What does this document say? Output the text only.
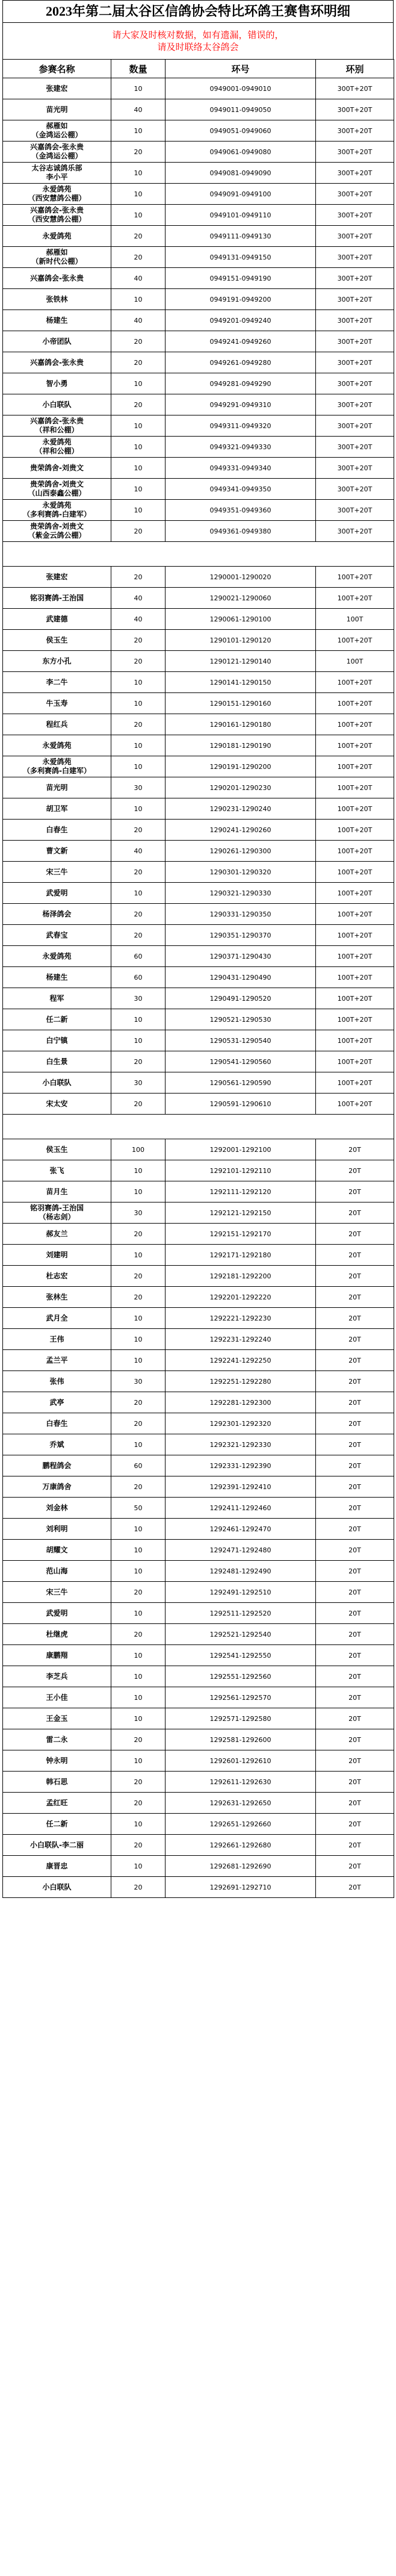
2023年第二届太谷区信鸽协会特比环鸽王赛售环明细
请大家及时核对数据，如有遗漏，错误的，
请及时联络太谷鸽会
参赛名称	数量	环号	环别
张建宏	10	0949001-0949010	300T+20T
苗光明	40	0949011-0949050	300T+20T
郝雁如
（金鸿运公棚）	10	0949051-0949060	300T+20T
兴嘉鸽会-张永贵
（金鸿运公棚）	20	0949061-0949080	300T+20T
太谷志诚鸽乐部
李小平	10	0949081-0949090	300T+20T
永爱鸽苑
（西安慧鸽公棚）	10	0949091-0949100	300T+20T
兴嘉鸽会-张永贵
（西安慧鸽公棚）	10	0949101-0949110	300T+20T
永爱鸽苑	20	0949111-0949130	300T+20T
郝雁如
（新时代公棚）	20	0949131-0949150	300T+20T
兴嘉鸽会-张永贵	40	0949151-0949190	300T+20T
张铁林	10	0949191-0949200	300T+20T
杨建生	40	0949201-0949240	300T+20T
小帝团队	20	0949241-0949260	300T+20T
兴嘉鸽会-张永贵	20	0949261-0949280	300T+20T
智小勇	10	0949281-0949290	300T+20T
小白联队	20	0949291-0949310	300T+20T
兴嘉鸽会-张永贵
（祥和公棚）	10	0949311-0949320	300T+20T
永爱鸽苑
（祥和公棚）	10	0949321-0949330	300T+20T
贵荣鸽舍-刘贵文	10	0949331-0949340	300T+20T
贵荣鸽舍-刘贵文
（山西泰鑫公棚）	10	0949341-0949350	300T+20T
永爱鸽苑
（多利赛鸽-白建军）	10	0949351-0949360	300T+20T
贵荣鸽舍-刘贵文
（紫金云鸽公棚）	20	0949361-0949380	300T+20T

张建宏	20	1290001-1290020	100T+20T
铭羽赛鸽-王治国	40	1290021-1290060	100T+20T
武建德	40	1290061-1290100	100T
侯玉生	20	1290101-1290120	100T+20T
东方小孔	20	1290121-1290140	100T
李二牛	10	1290141-1290150	100T+20T
牛玉寿	10	1290151-1290160	100T+20T
程红兵	20	1290161-1290180	100T+20T
永爱鸽苑	10	1290181-1290190	100T+20T
永爱鸽苑
（多利赛鸽-白建军）	10	1290191-1290200	100T+20T
苗光明	30	1290201-1290230	100T+20T
胡卫军	10	1290231-1290240	100T+20T
白春生	20	1290241-1290260	100T+20T
曹文新	40	1290261-1290300	100T+20T
宋三牛	20	1290301-1290320	100T+20T
武爱明	10	1290321-1290330	100T+20T
杨泽鸽会	20	1290331-1290350	100T+20T
武春宝	20	1290351-1290370	100T+20T
永爱鸽苑	60	1290371-1290430	100T+20T
杨建生	60	1290431-1290490	100T+20T
程军	30	1290491-1290520	100T+20T
任二新	10	1290521-1290530	100T+20T
白宁镇	10	1290531-1290540	100T+20T
白生景	20	1290541-1290560	100T+20T
小白联队	30	1290561-1290590	100T+20T
宋太安	20	1290591-1290610	100T+20T

侯玉生	100	1292001-1292100	20T
张飞	10	1292101-1292110	20T
苗月生	10	1292111-1292120	20T
铭羽赛鸽-王治国
（杨志剑）	30	1292121-1292150	20T
郝友兰	20	1292151-1292170	20T
刘建明	10	1292171-1292180	20T
杜志宏	20	1292181-1292200	20T
张林生	20	1292201-1292220	20T
武月全	10	1292221-1292230	20T
王伟	10	1292231-1292240	20T
孟兰平	10	1292241-1292250	20T
张伟	30	1292251-1292280	20T
武亭	20	1292281-1292300	20T
白春生	20	1292301-1292320	20T
乔斌	10	1292321-1292330	20T
鹏程鸽会	60	1292331-1292390	20T
万康鸽舍	20	1292391-1292410	20T
刘金林	50	1292411-1292460	20T
刘利明	10	1292461-1292470	20T
胡耀文	10	1292471-1292480	20T
范山海	10	1292481-1292490	20T
宋三牛	20	1292491-1292510	20T
武爱明	10	1292511-1292520	20T
杜继虎	20	1292521-1292540	20T
康鹏翔	10	1292541-1292550	20T
李芝兵	10	1292551-1292560	20T
王小佳	10	1292561-1292570	20T
王金玉	10	1292571-1292580	20T
雷二永	20	1292581-1292600	20T
钟永明	10	1292601-1292610	20T
韩石思	20	1292611-1292630	20T
孟红旺	20	1292631-1292650	20T
任二新	10	1292651-1292660	20T
小白联队-李二丽	20	1292661-1292680	20T
康晋忠	10	1292681-1292690	20T
小白联队	20	1292691-1292710	20T
